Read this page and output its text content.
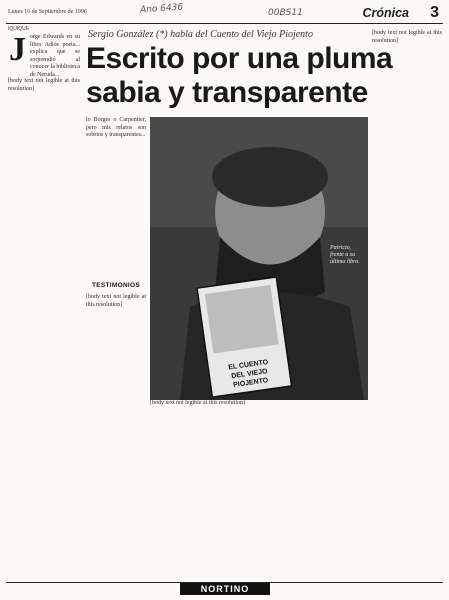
Ano 6436	00BS11
Lunes 16 de Septiembre de 1996	Crónica 3
IQUIQUE	Sergio González (*) habla del Cuento del Viejo Piojento
Escrito por una pluma
sabia y transparente
J orge Edwards en su libro Adiós poeta... explica que se sorprendió al conocer la biblioteca de Neruda...
[body text not legible at this resolution]
lo Borges o Carpentier, pero mis relatos son sobrios y transparentes...
TESTIMONIOS
[body text not legible at this resolution]
EL CUENTO
DEL VIEJO
PIOJENTO
Patricio, frente a su último libro.
[body text not legible at this resolution]
[body text not legible at this resolution]
NORTINO
